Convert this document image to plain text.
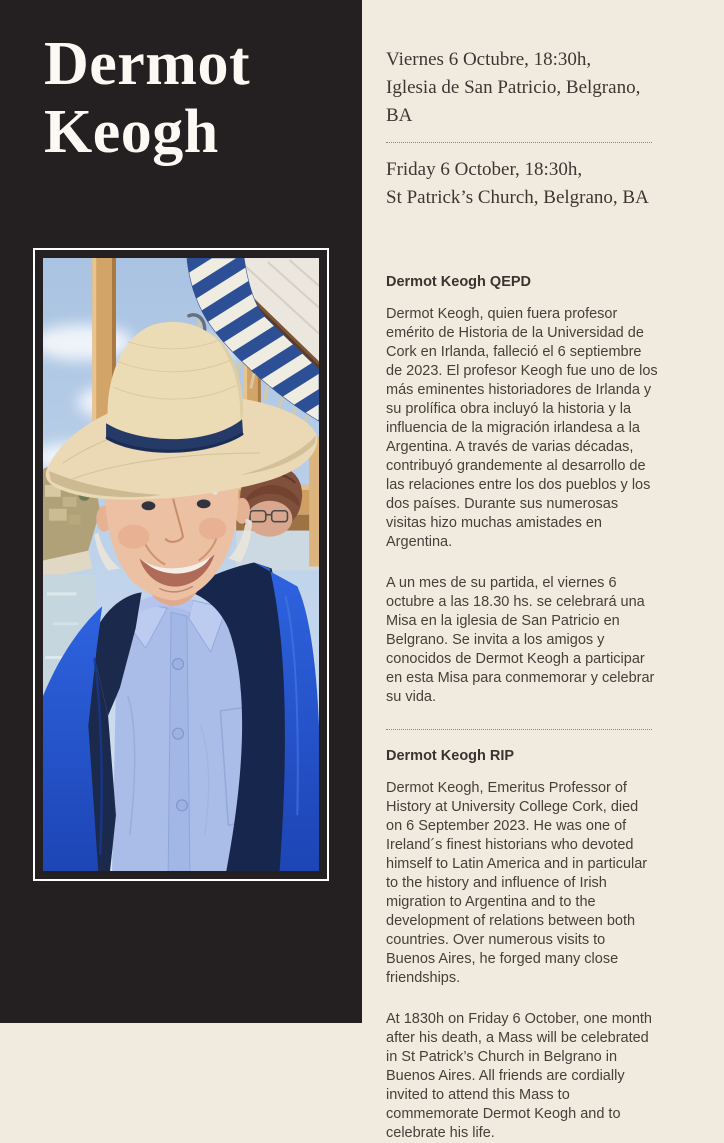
Dermot
Keogh

Viernes 6 Octubre, 18:30h,
Iglesia de San Patricio, Belgrano, BA

Friday 6 October, 18:30h,
St Patrick’s Church, Belgrano, BA

Dermot Keogh QEPD

Dermot Keogh, quien fuera profesor emérito de Historia de la Universidad de Cork en Irlanda, falleció el 6 septiembre de 2023. El profesor Keogh fue uno de los más eminentes historiadores de Irlanda y su prolífica obra incluyó la historia y la influencia de la migración irlandesa a la Argentina. A través de varias décadas, contribuyó grandemente al desarrollo de las relaciones entre los dos pueblos y los dos países. Durante sus numerosas visitas hizo muchas amistades en Argentina.

A un mes de su partida, el viernes 6 octubre a las 18.30 hs. se celebrará una Misa en la iglesia de San Patricio en Belgrano. Se invita a los amigos y conocidos de Dermot Keogh a participar en esta Misa para conmemorar y celebrar su vida.

Dermot Keogh RIP

Dermot Keogh, Emeritus Professor of History at University College Cork, died on 6 September 2023. He was one of Ireland´s finest historians who devoted himself to Latin America and in particular to the history and influence of Irish migration to Argentina and to the development of relations between both countries. Over numerous visits to Buenos Aires, he forged many close friendships.

At 1830h on Friday 6 October, one month after his death, a Mass will be celebrated in St Patrick’s Church in Belgrano in Buenos Aires. All friends are cordially invited to attend this Mass to commemorate Dermot Keogh and to celebrate his life.
